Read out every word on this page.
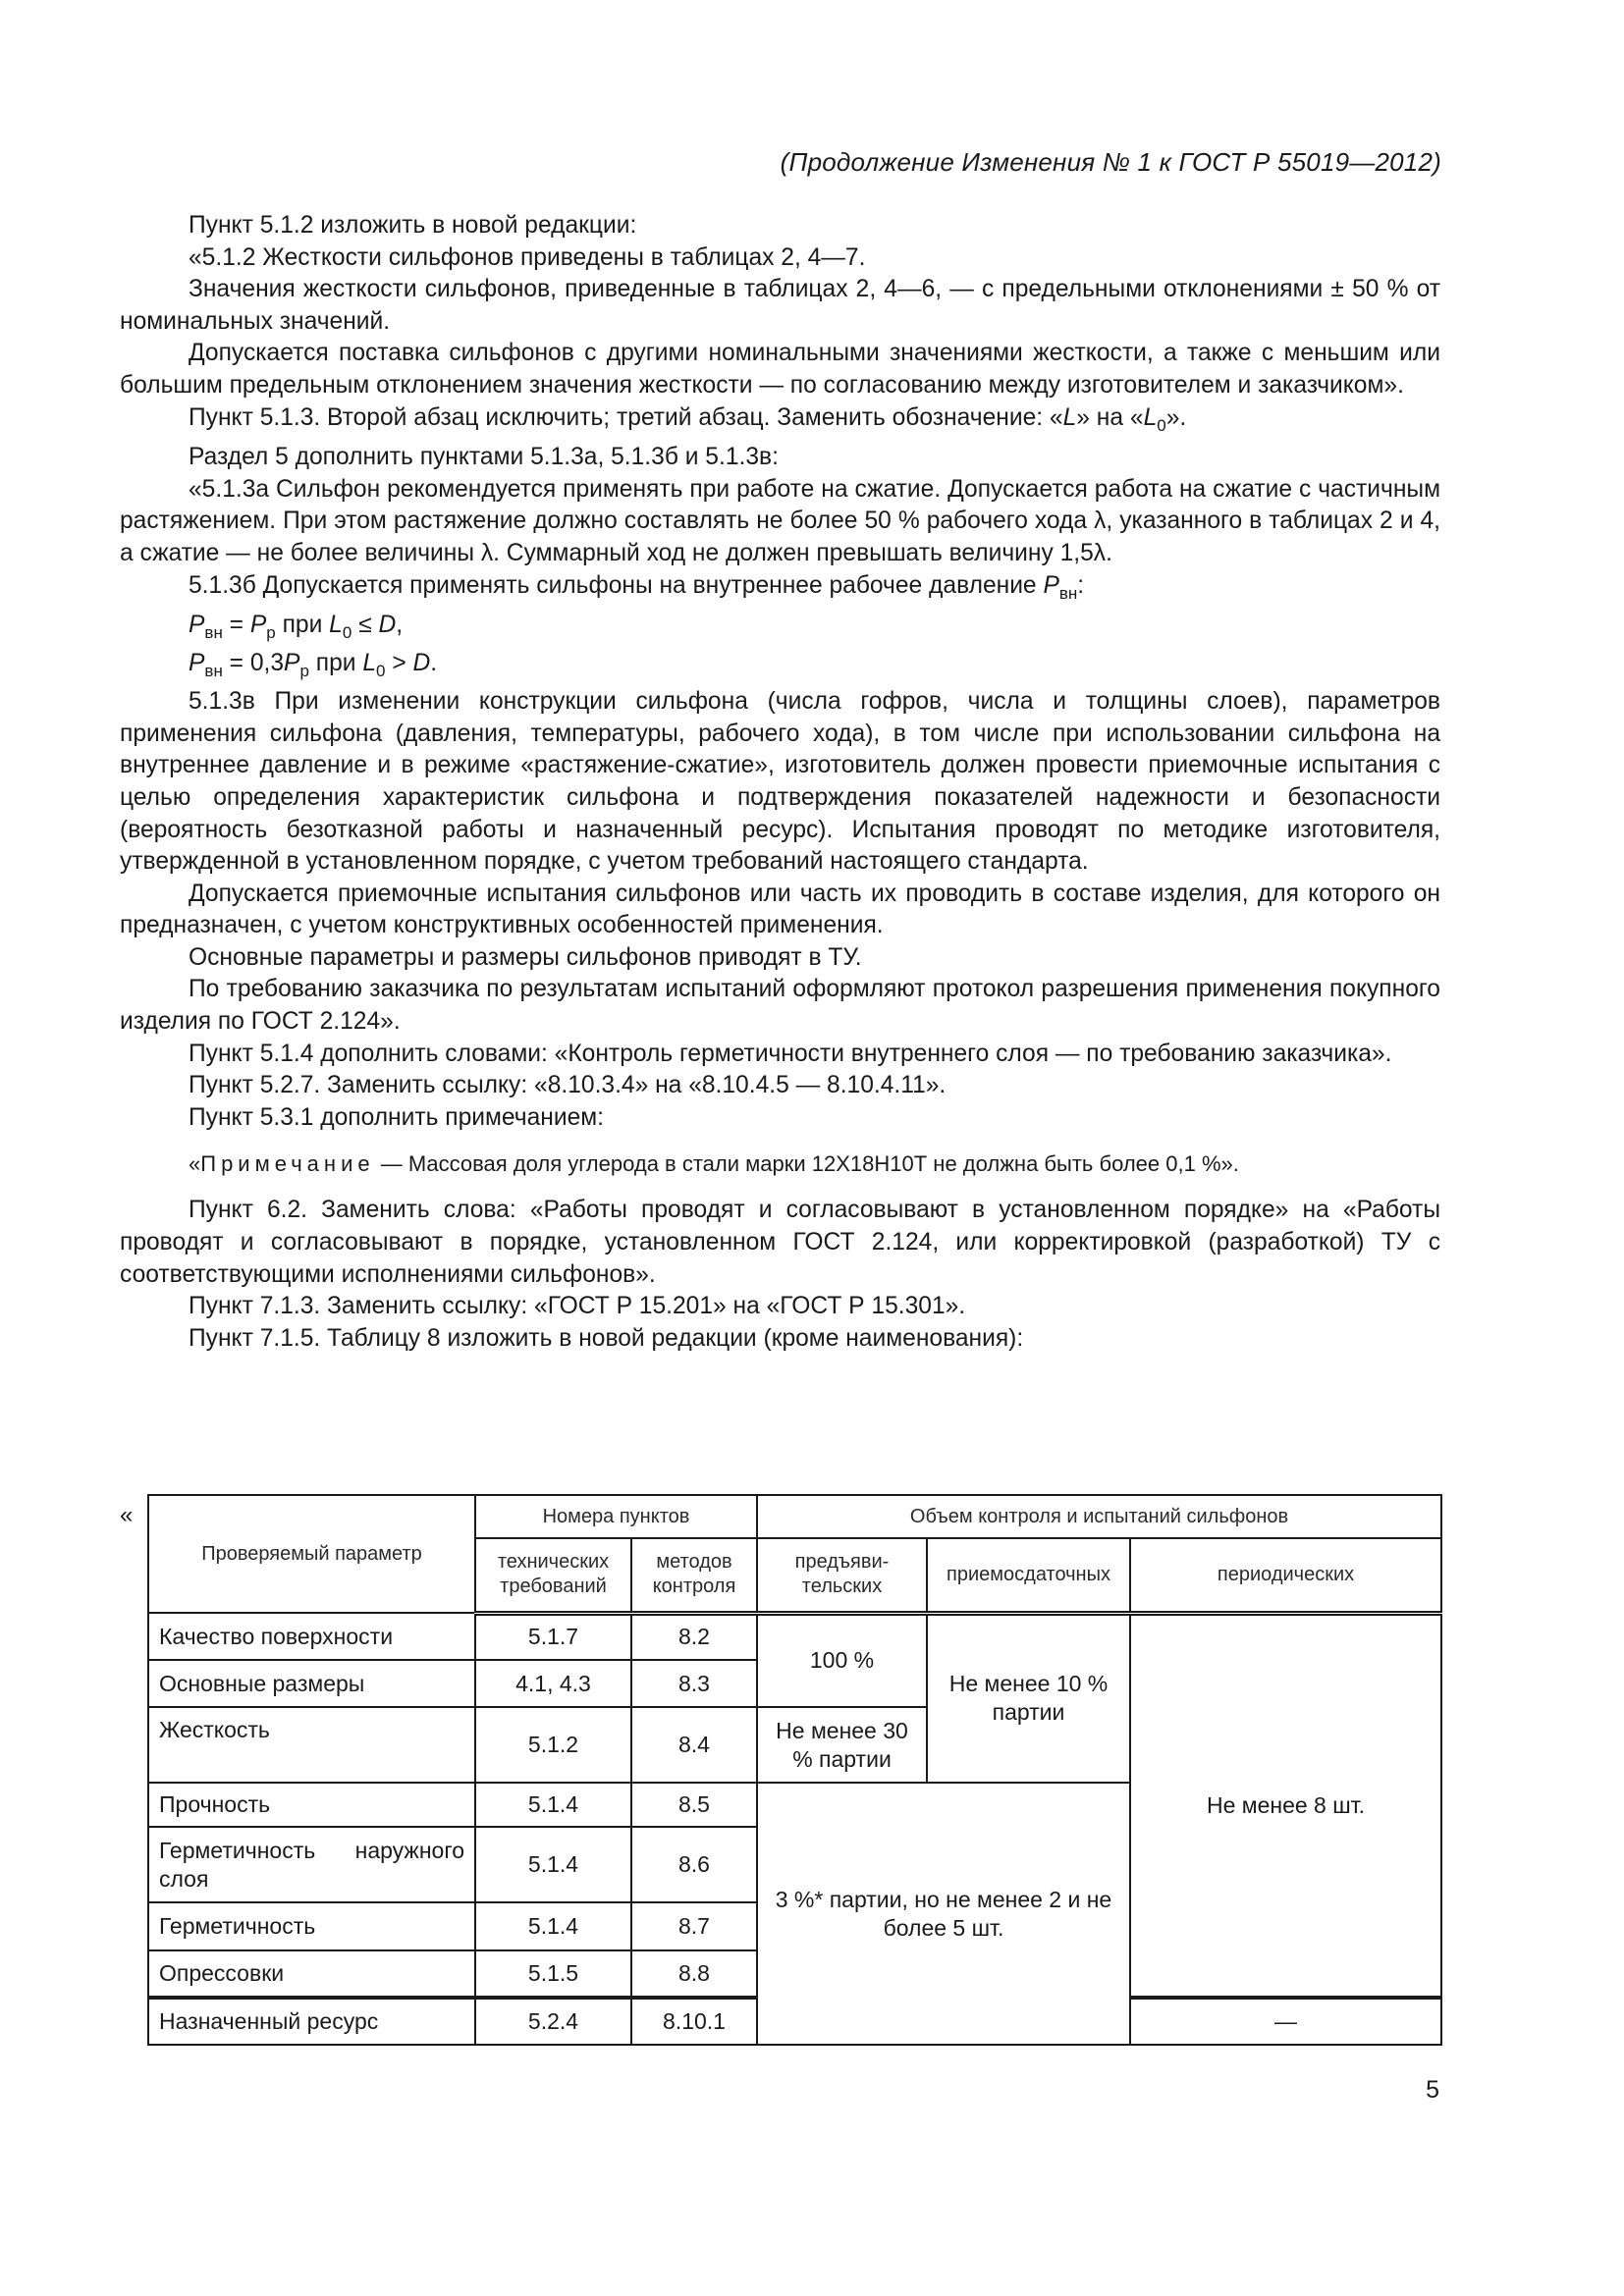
(Продолжение Изменения № 1 к ГОСТ Р 55019—2012)

Пункт 5.1.2 изложить в новой редакции:

«5.1.2 Жесткости сильфонов приведены в таблицах 2, 4—7.

Значения жесткости сильфонов, приведенные в таблицах 2, 4—6, — с предельными отклонениями ± 50 % от номинальных значений.

Допускается поставка сильфонов с другими номинальными значениями жесткости, а также с меньшим или большим предельным отклонением значения жесткости — по согласованию между изготовителем и заказчиком».

Пункт 5.1.3. Второй абзац исключить; третий абзац. Заменить обозначение: «L» на «$L_0$».

Раздел 5 дополнить пунктами 5.1.3а, 5.1.3б и 5.1.3в:

«5.1.3а Сильфон рекомендуется применять при работе на сжатие. Допускается работа на сжатие с частичным растяжением. При этом растяжение должно составлять не более 50 % рабочего хода λ, указанного в таблицах 2 и 4, а сжатие — не более величины λ. Суммарный ход не должен превышать величину 1,5λ.

5.1.3б Допускается применять сильфоны на внутреннее рабочее давление $P_{вн}$:

$P_{вн} = P_р$ при $L_0 \le D$,

$P_{вн} = 0,3P_р$ при $L_0 > D$.

5.1.3в При изменении конструкции сильфона (числа гофров, числа и толщины слоев), параметров применения сильфона (давления, температуры, рабочего хода), в том числе при использовании сильфона на внутреннее давление и в режиме «растяжение-сжатие», изготовитель должен провести приемочные испытания с целью определения характеристик сильфона и подтверждения показателей надежности и безопасности (вероятность безотказной работы и назначенный ресурс). Испытания проводят по методике изготовителя, утвержденной в установленном порядке, с учетом требований настоящего стандарта.

Допускается приемочные испытания сильфонов или часть их проводить в составе изделия, для которого он предназначен, с учетом конструктивных особенностей применения.

Основные параметры и размеры сильфонов приводят в ТУ.

По требованию заказчика по результатам испытаний оформляют протокол разрешения применения покупного изделия по ГОСТ 2.124».

Пункт 5.1.4 дополнить словами: «Контроль герметичности внутреннего слоя — по требованию заказчика».

Пункт 5.2.7. Заменить ссылку: «8.10.3.4» на «8.10.4.5 — 8.10.4.11».

Пункт 5.3.1 дополнить примечанием:

«Примечание — Массовая доля углерода в стали марки 12Х18Н10Т не должна быть более 0,1 %».

Пункт 6.2. Заменить слова: «Работы проводят и согласовывают в установленном порядке» на «Работы проводят и согласовывают в порядке, установленном ГОСТ 2.124, или корректировкой (разработкой) ТУ с соответствующими исполнениями сильфонов».

Пункт 7.1.3. Заменить ссылку: «ГОСТ Р 15.201» на «ГОСТ Р 15.301».

Пункт 7.1.5. Таблицу 8 изложить в новой редакции (кроме наименования):

«
Проверяемый параметр	Номера пунктов		Объем контроля и испытаний сильфонов		
	технических требований	методов контроля	предъявительских	приемосдаточных	периодических
Качество поверхности	5.1.7	8.2	100 %	Не менее 10 % партии	Не менее 8 шт.
Основные размеры	4.1, 4.3	8.3			
Жесткость	5.1.2	8.4	Не менее 30 % партии		
Прочность	5.1.4	8.5	3 %* партии, но не менее 2 и не более 5 шт.		
Герметичность наружного слоя	5.1.4	8.6			
Герметичность	5.1.4	8.7			
Опрессовки	5.1.5	8.8			
Назначенный ресурс	5.2.4	8.10.1			—
5
